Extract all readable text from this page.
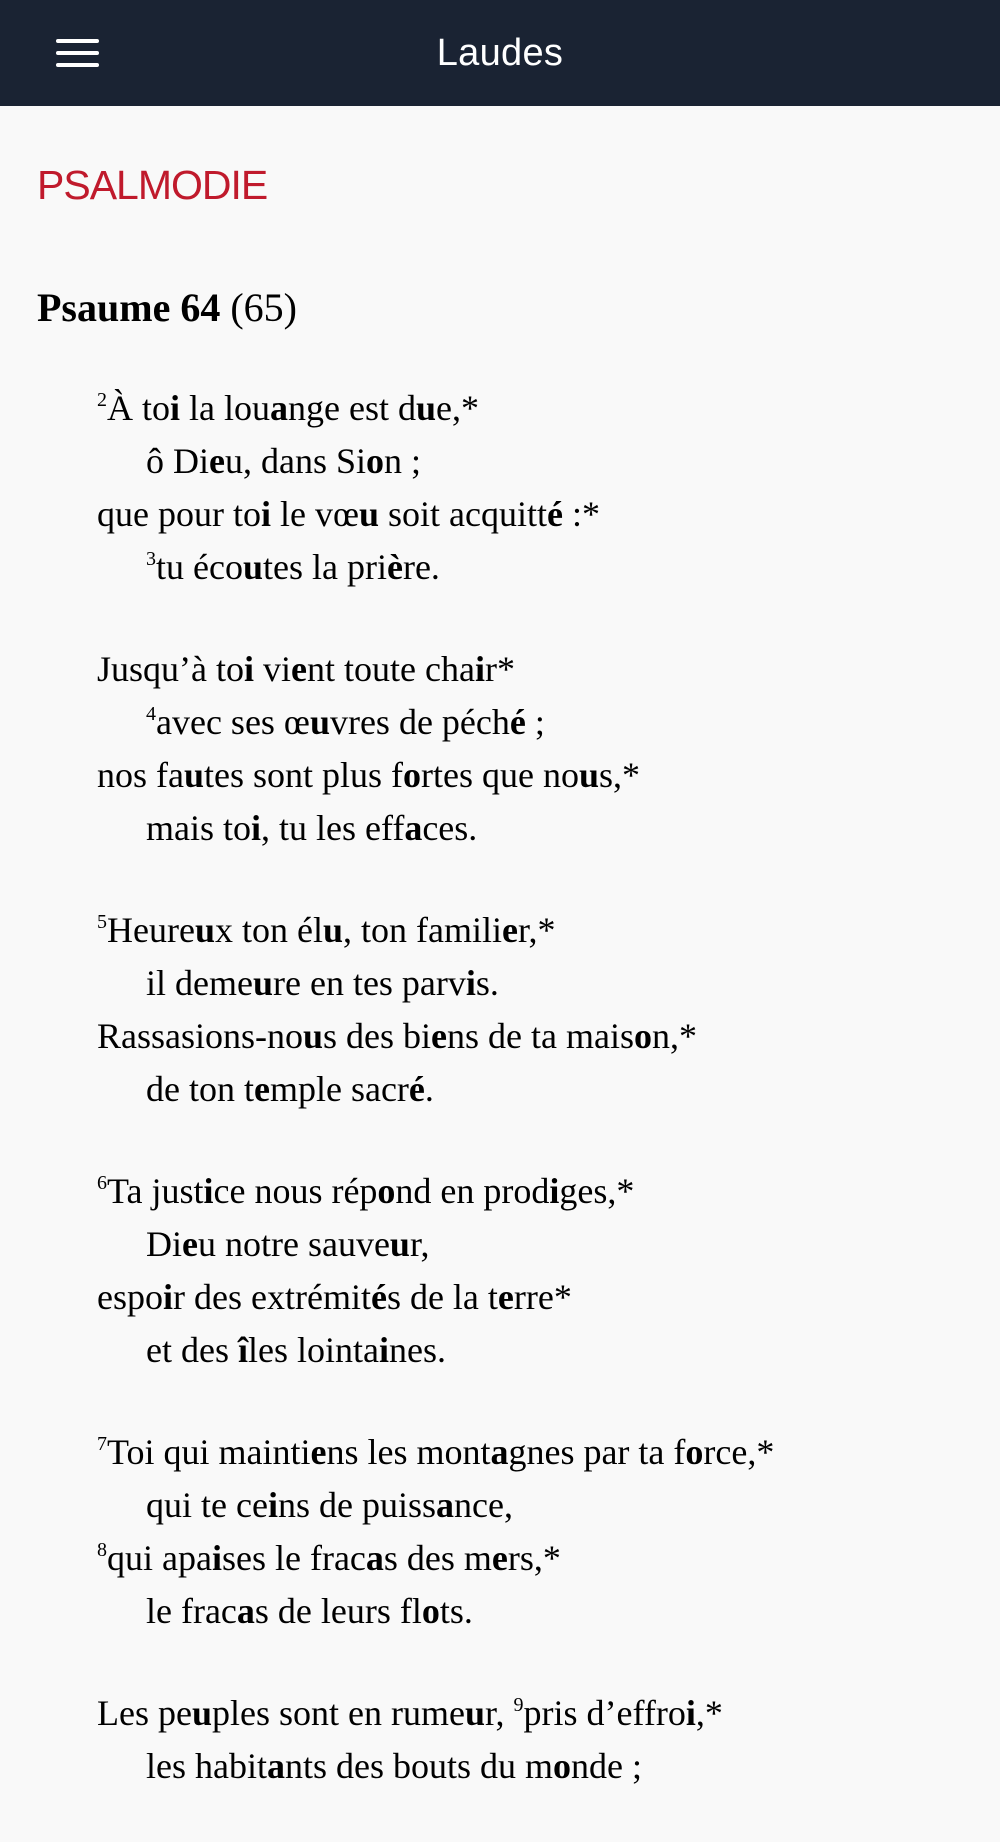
Laudes
PSALMODIE
Psaume 64 (65)
$^2$À toi la louange est due,*
ô Dieu, dans Sion ;
que pour toi le vœu soit acquitté :*
$^3$tu écoutes la prière.
Jusqu’à toi vient toute chair*
$^4$avec ses œuvres de péché ;
nos fautes sont plus fortes que nous,*
mais toi, tu les effaces.
$^5$Heureux ton élu, ton familier,*
il demeure en tes parvis.
Rassasions-nous des biens de ta maison,*
de ton temple sacré.
$^6$Ta justice nous répond en prodiges,*
Dieu notre sauveur,
espoir des extrémités de la terre*
et des îles lointaines.
$^7$Toi qui maintiens les montagnes par ta force,*
qui te ceins de puissance,
$^8$qui apaises le fracas des mers,*
le fracas de leurs flots.
Les peuples sont en rumeur, $^9$pris d’effroi,*
les habitants des bouts du monde ;
